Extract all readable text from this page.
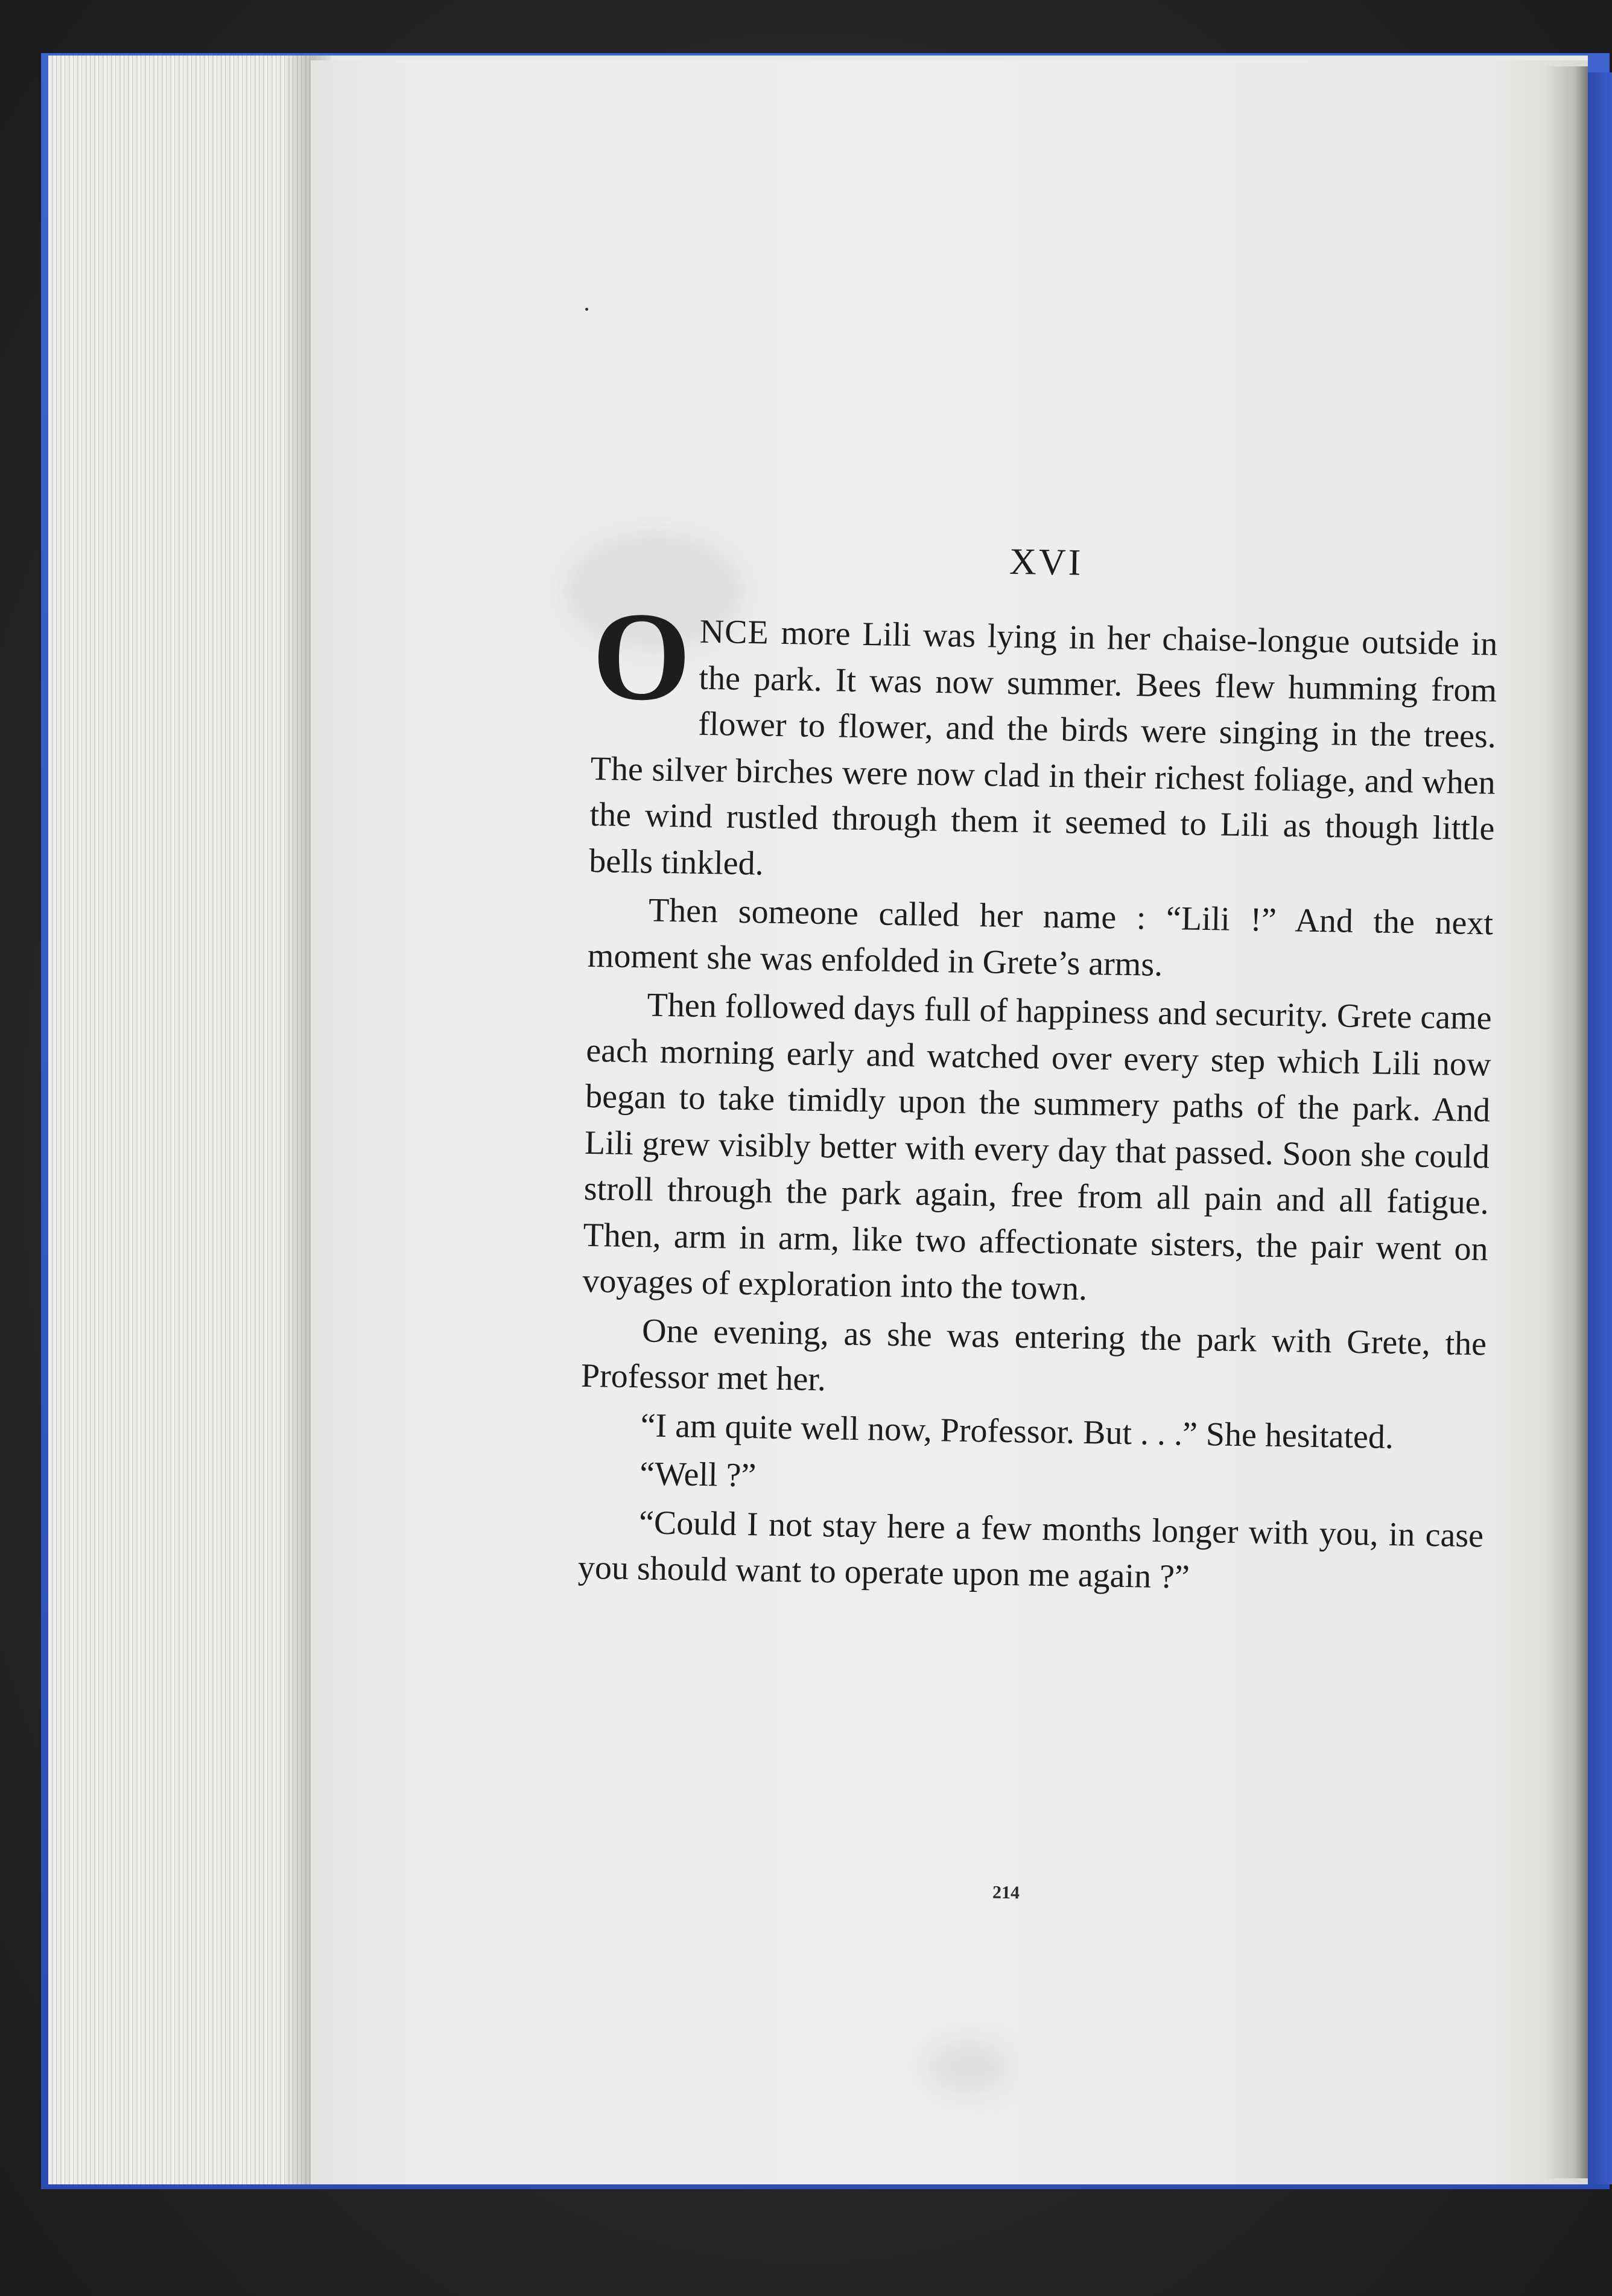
XVI

ONCE more Lili was lying in her chaise-longue outside in the park. It was now summer. Bees flew humming from flower to flower, and the birds were singing in the trees. The silver birches were now clad in their richest foliage, and when the wind rustled through them it seemed to Lili as though little bells tinkled.

Then someone called her name : “Lili !” And the next moment she was enfolded in Grete’s arms.

Then followed days full of happiness and security. Grete came each morning early and watched over every step which Lili now began to take timidly upon the summery paths of the park. And Lili grew visibly better with every day that passed. Soon she could stroll through the park again, free from all pain and all fatigue. Then, arm in arm, like two affectionate sisters, the pair went on voyages of exploration into the town.

One evening, as she was entering the park with Grete, the Professor met her.

“I am quite well now, Professor. But . . .” She hesitated.

“Well ?”

“Could I not stay here a few months longer with you, in case you should want to operate upon me again ?”

214
